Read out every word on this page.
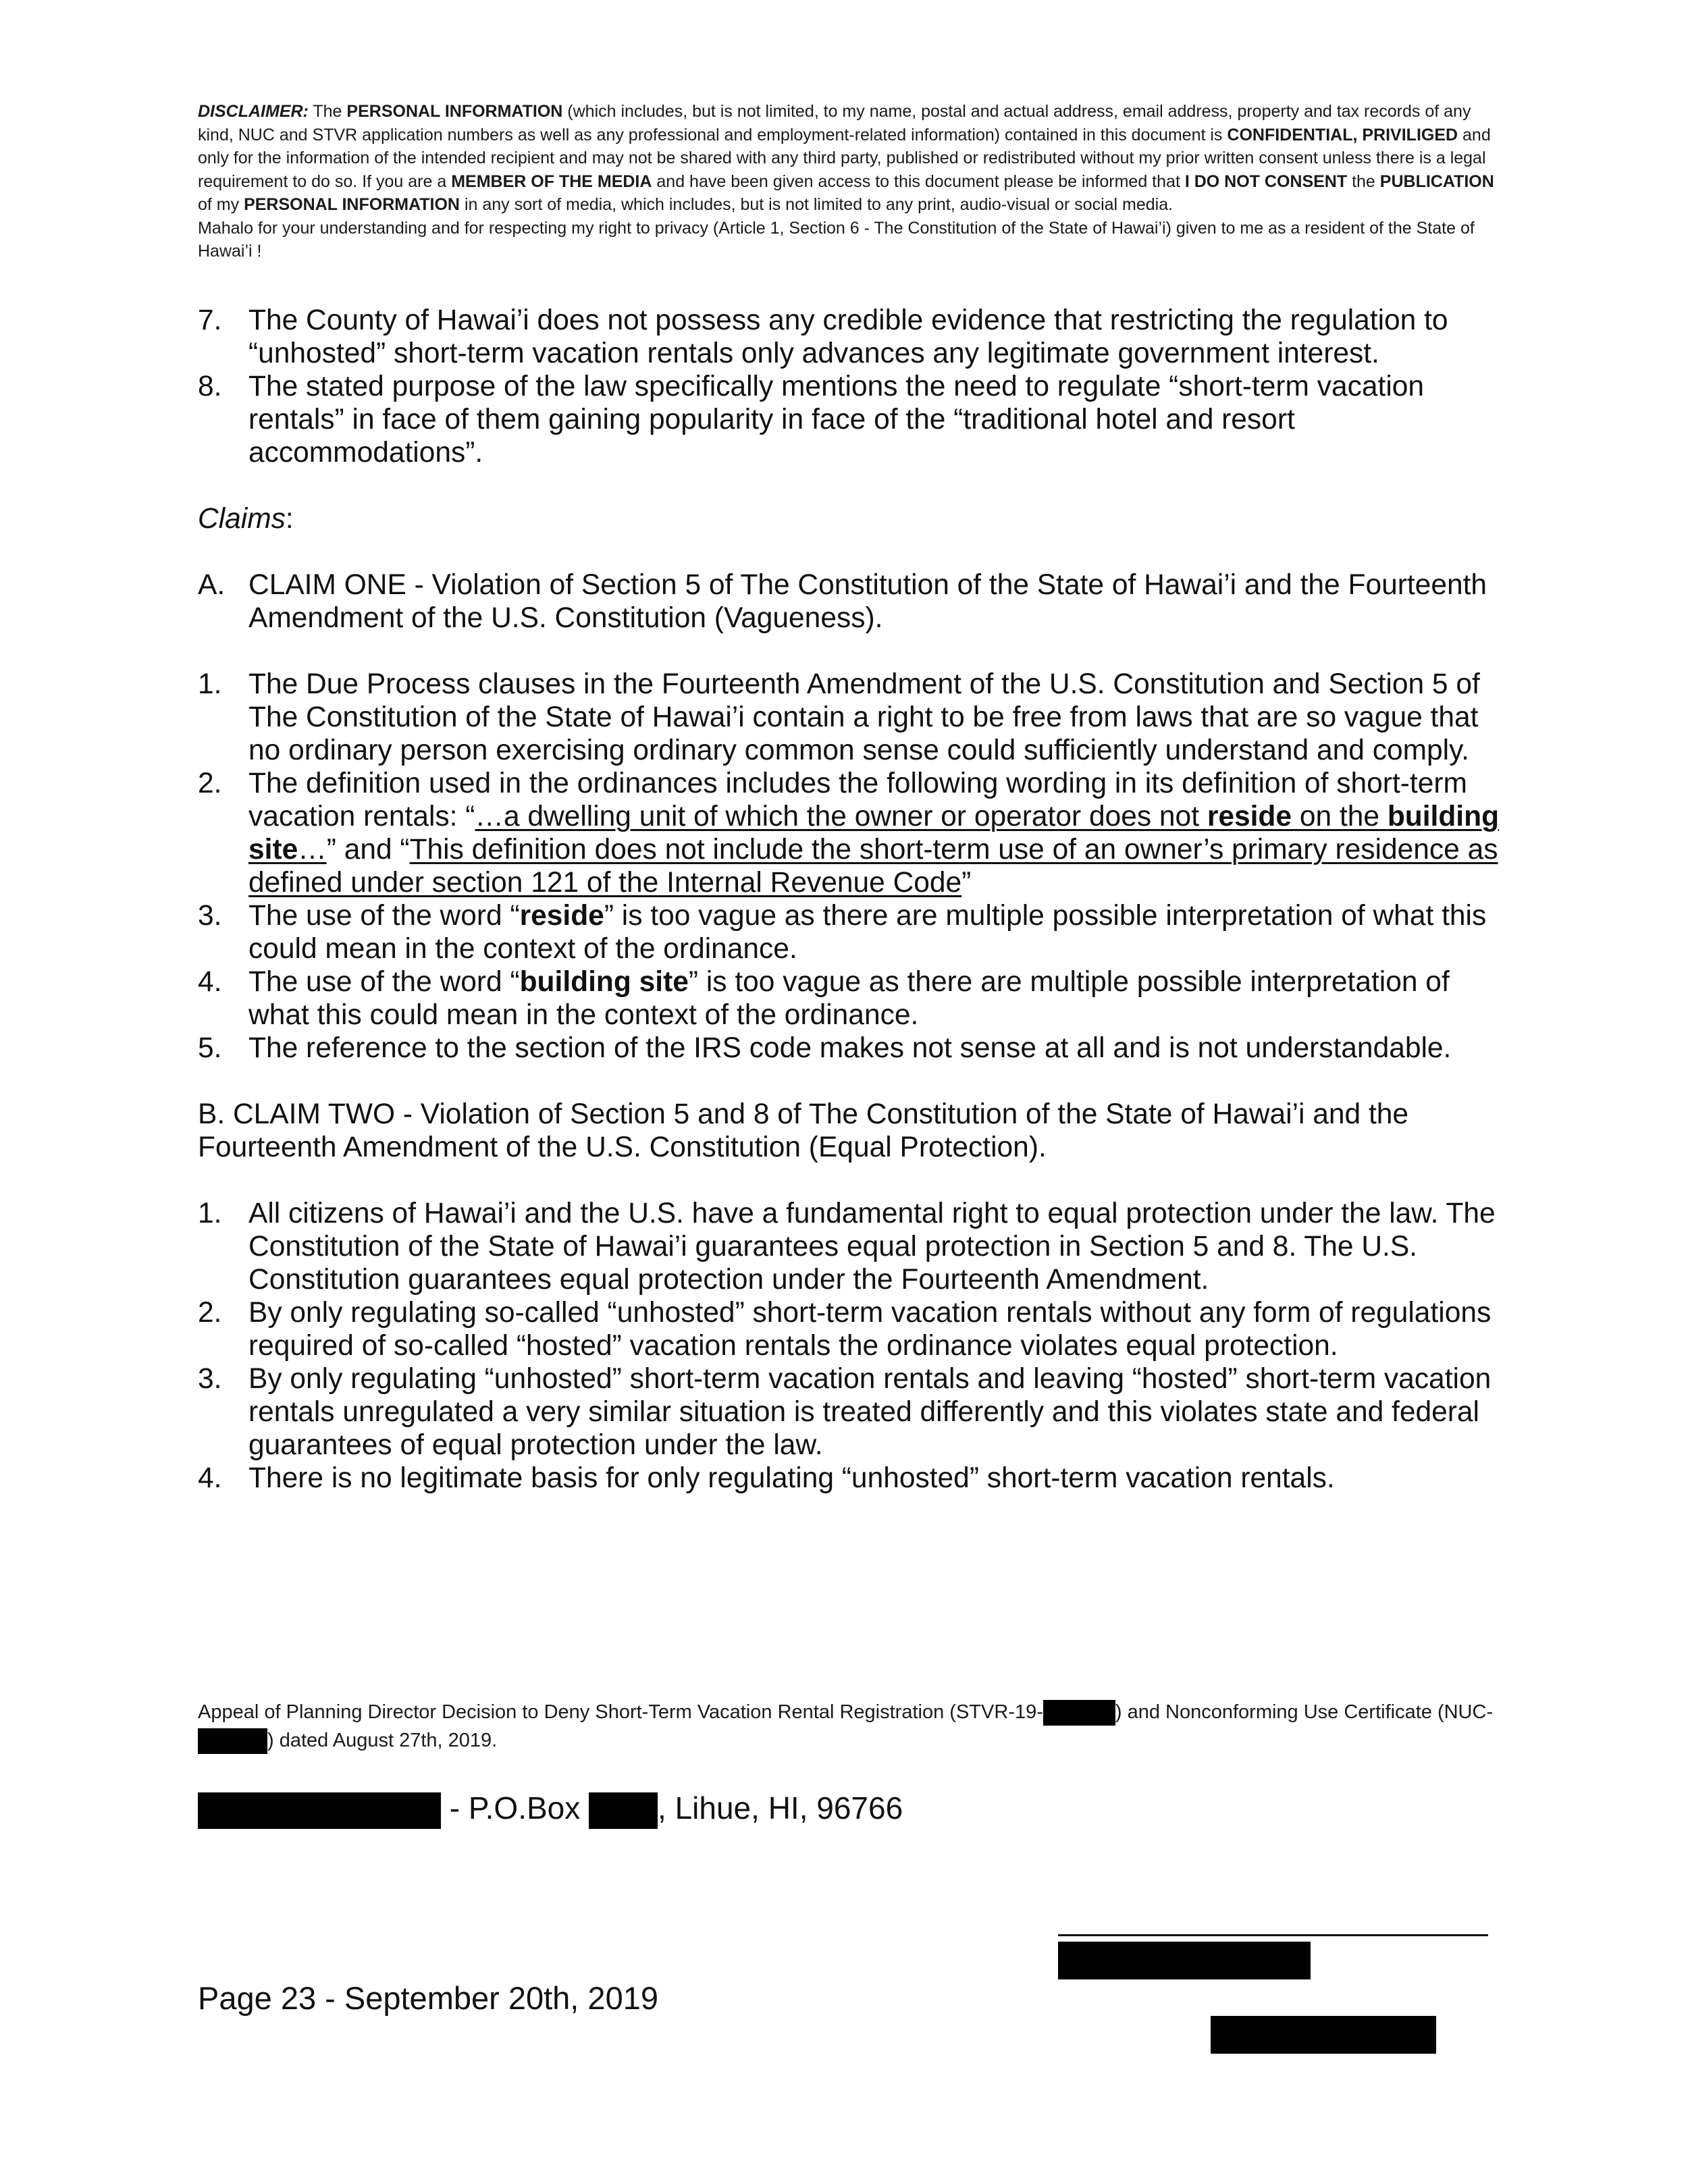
DISCLAIMER: The PERSONAL INFORMATION (which includes, but is not limited, to my name, postal and actual address, email address, property and tax records of any kind, NUC and STVR application numbers as well as any professional and employment-related information) contained in this document is CONFIDENTIAL, PRIVILIGED and only for the information of the intended recipient and may not be shared with any third party, published or redistributed without my prior written consent unless there is a legal requirement to do so. If you are a MEMBER OF THE MEDIA and have been given access to this document please be informed that I DO NOT CONSENT the PUBLICATION of my PERSONAL INFORMATION in any sort of media, which includes, but is not limited to any print, audio-visual or social media.

Mahalo for your understanding and for respecting my right to privacy (Article 1, Section 6 - The Constitution of the State of Hawai’i) given to me as a resident of the State of Hawai’i !

7. The County of Hawai’i does not possess any credible evidence that restricting the regulation to “unhosted” short-term vacation rentals only advances any legitimate government interest.
8. The stated purpose of the law specifically mentions the need to regulate “short-term vacation rentals” in face of them gaining popularity in face of the “traditional hotel and resort accommodations”.
Claims:
A. CLAIM ONE - Violation of Section 5 of The Constitution of the State of Hawai’i and the Fourteenth Amendment of the U.S. Constitution (Vagueness).
1. The Due Process clauses in the Fourteenth Amendment of the U.S. Constitution and Section 5 of The Constitution of the State of Hawai’i contain a right to be free from laws that are so vague that no ordinary person exercising ordinary common sense could sufficiently understand and comply.
2. The definition used in the ordinances includes the following wording in its definition of short-term vacation rentals: “…a dwelling unit of which the owner or operator does not reside on the building site…” and “This definition does not include the short-term use of an owner’s primary residence as defined under section 121 of the Internal Revenue Code”
3. The use of the word “reside” is too vague as there are multiple possible interpretation of what this could mean in the context of the ordinance.
4. The use of the word “building site” is too vague as there are multiple possible interpretation of what this could mean in the context of the ordinance.
5. The reference to the section of the IRS code makes not sense at all and is not understandable.
B. CLAIM TWO - Violation of Section 5 and 8 of The Constitution of the State of Hawai’i and the Fourteenth Amendment of the U.S. Constitution (Equal Protection).
1. All citizens of Hawai’i and the U.S. have a fundamental right to equal protection under the law. The Constitution of the State of Hawai’i guarantees equal protection in Section 5 and 8. The U.S. Constitution guarantees equal protection under the Fourteenth Amendment.
2. By only regulating so-called “unhosted” short-term vacation rentals without any form of regulations required of so-called “hosted” vacation rentals the ordinance violates equal protection.
3. By only regulating “unhosted” short-term vacation rentals and leaving “hosted” short-term vacation rentals unregulated a very similar situation is treated differently and this violates state and federal guarantees of equal protection under the law.
4. There is no legitimate basis for only regulating “unhosted” short-term vacation rentals.
Appeal of Planning Director Decision to Deny Short-Term Vacation Rental Registration (STVR-19-	) and Nonconforming Use Certificate (NUC-) dated August 27th, 2019.
- P.O.Box , Lihue, HI, 96766
Page 23 - September 20th, 2019
